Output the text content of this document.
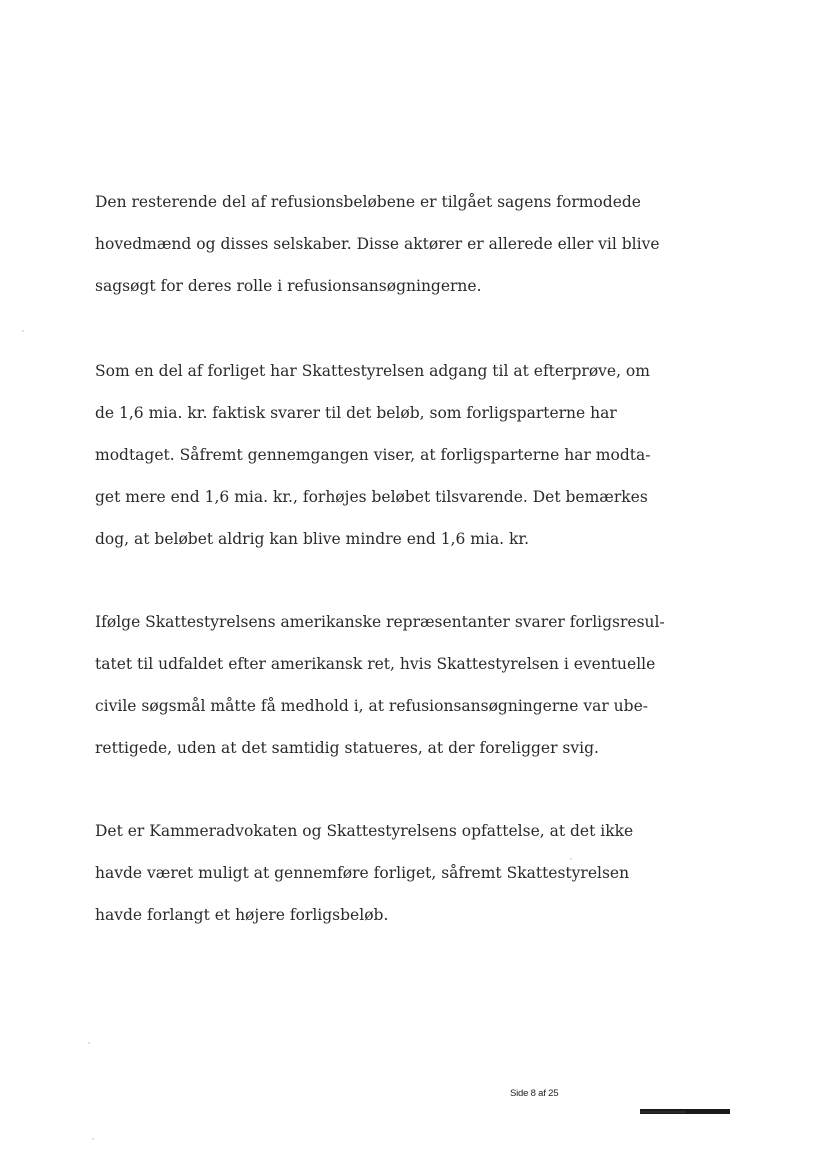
Den resterende del af refusionsbeløbene er tilgået sagens formodede
hovedmænd og disses selskaber. Disse aktører er allerede eller vil blive
sagsøgt for deres rolle i refusionsansøgningerne.
Som en del af forliget har Skattestyrelsen adgang til at efterprøve, om
de 1,6 mia. kr. faktisk svarer til det beløb, som forligsparterne har
modtaget. Såfremt gennemgangen viser, at forligsparterne har modta-
get mere end 1,6 mia. kr., forhøjes beløbet tilsvarende. Det bemærkes
dog, at beløbet aldrig kan blive mindre end 1,6 mia. kr.
Ifølge Skattestyrelsens amerikanske repræsentanter svarer forligsresul-
tatet til udfaldet efter amerikansk ret, hvis Skattestyrelsen i eventuelle
civile søgsmål måtte få medhold i, at refusionsansøgningerne var ube-
rettigede, uden at det samtidig statueres, at der foreligger svig.
Det er Kammeradvokaten og Skattestyrelsens opfattelse, at det ikke
havde været muligt at gennemføre forliget, såfremt Skattestyrelsen
havde forlangt et højere forligsbeløb.
Side 8 af 25
